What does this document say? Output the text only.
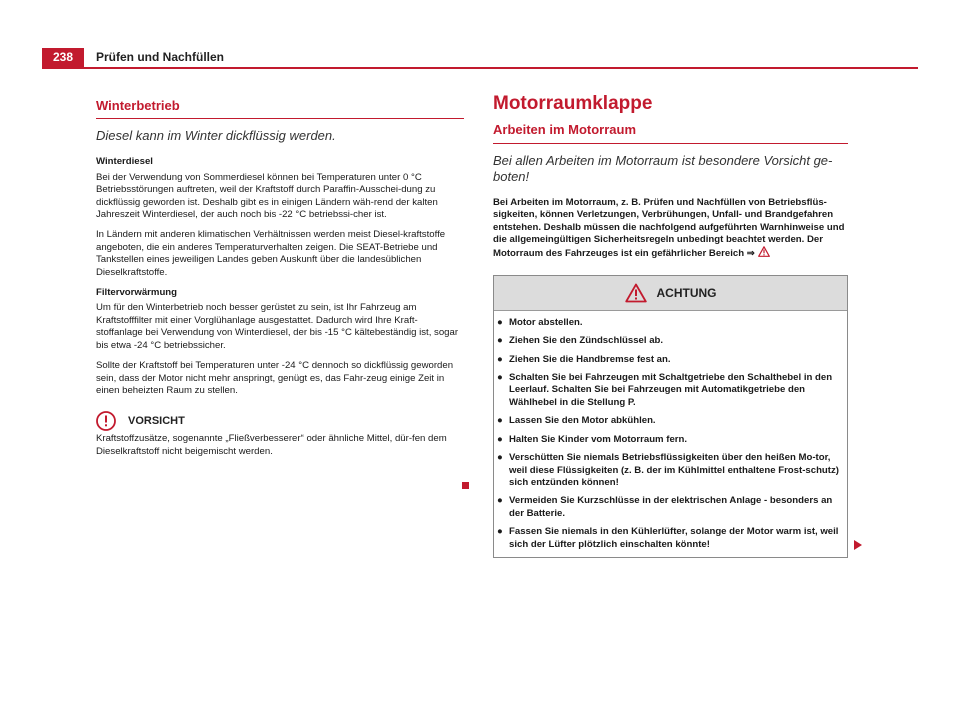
238	Prüfen und Nachfüllen
Winterbetrieb
Diesel kann im Winter dickflüssig werden.
Winterdiesel

Bei der Verwendung von Sommerdiesel können bei Temperaturen unter 0 °C Betriebsstörungen auftreten, weil der Kraftstoff durch Paraffin-Ausschei-dung zu dickflüssig geworden ist. Deshalb gibt es in einigen Ländern wäh-rend der kalten Jahreszeit Winterdiesel, der auch noch bis -22 °C betriebssi-cher ist.

In Ländern mit anderen klimatischen Verhältnissen werden meist Diesel-kraftstoffe angeboten, die ein anderes Temperaturverhalten zeigen. Die SEAT-Betriebe und Tankstellen eines jeweiligen Landes geben Auskunft über die landesüblichen Dieselkraftstoffe.

Filtervorwärmung

Um für den Winterbetrieb noch besser gerüstet zu sein, ist Ihr Fahrzeug am Kraftstofffilter mit einer Vorglühanlage ausgestattet. Dadurch wird Ihre Kraft-stoffanlage bei Verwendung von Winterdiesel, der bis -15 °C kältebeständig ist, sogar bis etwa -24 °C betriebssicher.

Sollte der Kraftstoff bei Temperaturen unter -24 °C dennoch so dickflüssig geworden sein, dass der Motor nicht mehr anspringt, genügt es, das Fahr-zeug einige Zeit in einen beheizten Raum zu stellen.

VORSICHT

Kraftstoffzusätze, sogenannte „Fließverbesserer“ oder ähnliche Mittel, dür-fen dem Dieselkraftstoff nicht beigemischt werden.

Motorraumklappe
Arbeiten im Motorraum
Bei allen Arbeiten im Motorraum ist besondere Vorsicht ge-boten!

Bei Arbeiten im Motorraum, z. B. Prüfen und Nachfüllen von Betriebsflüs-sigkeiten, können Verletzungen, Verbrühungen, Unfall- und Brandgefahren entstehen. Deshalb müssen die nachfolgend aufgeführten Warnhinweise und die allgemeingültigen Sicherheitsregeln unbedingt beachtet werden. Der Motorraum des Fahrzeuges ist ein gefährlicher Bereich ⇒

ACHTUNG
● Motor abstellen.
● Ziehen Sie den Zündschlüssel ab.
● Ziehen Sie die Handbremse fest an.
● Schalten Sie bei Fahrzeugen mit Schaltgetriebe den Schalthebel in den Leerlauf. Schalten Sie bei Fahrzeugen mit Automatikgetriebe den Wählhebel in die Stellung P.
● Lassen Sie den Motor abkühlen.
● Halten Sie Kinder vom Motorraum fern.
● Verschütten Sie niemals Betriebsflüssigkeiten über den heißen Mo-tor, weil diese Flüssigkeiten (z. B. der im Kühlmittel enthaltene Frost-schutz) sich entzünden können!
● Vermeiden Sie Kurzschlüsse in der elektrischen Anlage - besonders an der Batterie.
● Fassen Sie niemals in den Kühlerlüfter, solange der Motor warm ist, weil sich der Lüfter plötzlich einschalten könnte!
